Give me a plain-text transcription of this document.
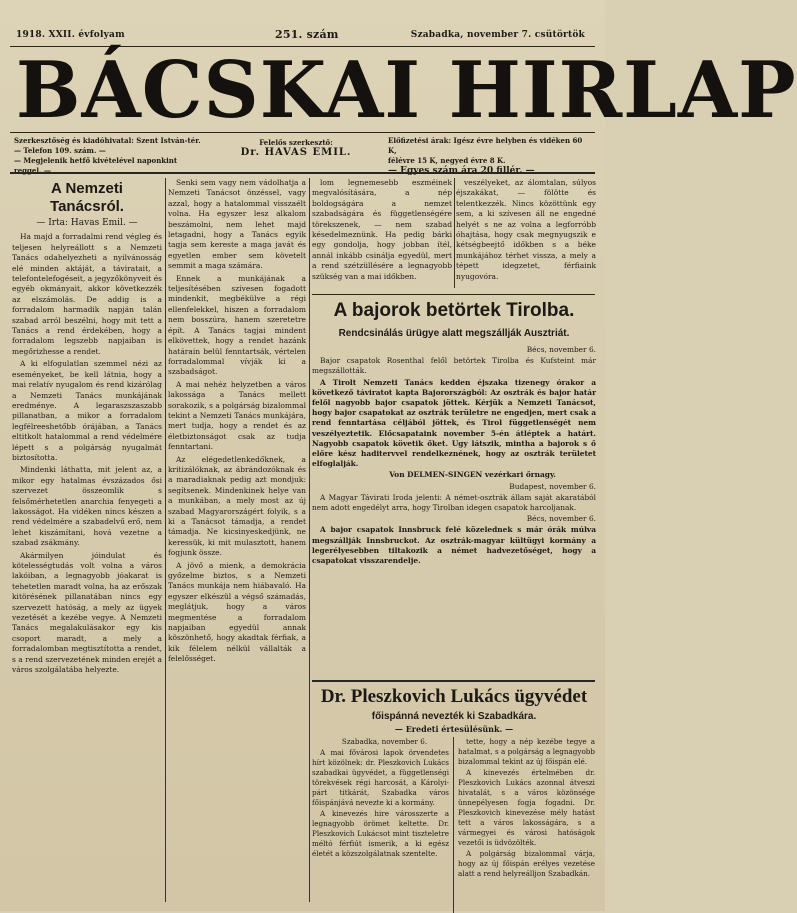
1918. XXII. évfolyam	251. szám	Szabadka, november 7. csütörtök
BÁCSKAI HIRLAP
Szerkesztőség és kiadóhivatal: Szent István-tér.
— Telefon 109. szám. —
— Megjelenik hetfő kivételével naponkint reggel. —
Felelős szerkesztő:
Dr. HAVAS EMIL.
Előfizetési árak: Igész évre helyben és vidéken 60 K,
félévre 15 K, negyed évre 8 K.
— Egyes szám ára 20 fillér. —
A Nemzeti Tanácsról.
— Irta: Havas Emil. —

Ha majd a forradalmi rend végleg és teljesen helyreállott s a Nemzeti Tanács odahelyezheti a nyilvánosság elé minden aktáját, a táviratait, a telefontelefogéseit, a jegyzőkönyveit és egyéb okmányait, akkor következzék az elszámolás. De addig is a forradalom harmadik napján talán szabad arról beszélni, hogy mit tett a Tanács a rend érdekében, hogy a forradalom legszebb napjaiban is megőrizhesse a rendet.

A ki elfogulatlan szemmel nézi az eseményeket, be kell látnia, hogy a mai relatív nyugalom és rend kizárólag a Nemzeti Tanács munkájának eredménye. A legaraszszaszabb pillanatban, a mikor a forradalom legfélreeshetőbb órájában, a Tanács eltitkolt hatalommal a rend védelmére lépett s a polgárság nyugalmát biztosította.

Mindenki láthatta, mit jelent az, a mikor egy hatalmas évszázados ősi szervezet összeomlik s felsőmérhetetlen anarchia fenyegeti a lakosságot. Ha vidéken nincs készen a rend védelmére a szabadelvű erő, nem lehet kiszámítani, hová vezetne a szabad zsákmány.

Akármilyen jóindulat és kötelességtudás volt volna a város lakóiban, a legnagyobb jóakarat is tehetetlen maradt volna, ha az erőszak kitörésének pillanatában nincs egy szervezett hatóság, a mely az ügyek vezetését a kezébe vegye. A Nemzeti Tanács megalakulásakor egy kis csoport maradt, a mely a forradalomban megtisztította a rendet, s a rend szervezetének minden erejét a város szolgálatába helyezte.

Senki sem vagy nem vádolhatja a Nemzeti Tanácsot önzéssel, vagy azzal, hogy a hatalommal visszaélt volna. Ha egyszer lesz alkalom beszámolni, nem lehet majd letagadni, hogy a Tanács egyik tagja sem kereste a maga javát és egyetlen ember sem követelt semmit a maga számára.

Ennek a munkájának a teljesítésében szívesen fogadott mindenkit, megbékülve a régi ellenfelekkel, hiszen a forradalom nem bosszúra, hanem szeretetre épít. A Tanács tagjai mindent elkövettek, hogy a rendet hazánk határain belül fenntartsák, vértelen forradalommal vívják ki a szabadságot.

A mai nehéz helyzetben a város lakossága a Tanács mellett sorakozik, s a polgárság bizalommal tekint a Nemzeti Tanács munkájára, mert tudja, hogy a rendet és az életbiztonságot csak az tudja fenntartani.

Az elégedetlenkedőknek, a kritizálóknak, az ábrándozóknak és a maradiaknak pedig azt mondjuk: segítsenek. Mindenkinek helye van a munkában, a mely most az új szabad Magyarországért folyik, s a ki a Tanácsot támadja, a rendet támadja. Ne kicsinyeskedjünk, ne keressük, ki mit mulasztott, hanem fogjunk össze.

A jövő a mienk, a demokrácia győzelme biztos, s a Nemzeti Tanács munkája nem hiábavaló. Ha egyszer elkészül a végső számadás, meglátjuk, hogy a város megmentése a forradalom napjaiban egyedül annak köszönhető, hogy akadtak férfiak, a kik félelem nélkül vállalták a felelősséget.

lom legnemesebb eszméinek megvalósítására, a nép boldogságára a nemzet szabadságára és függetlenségére törekszenek, — nem szabad késedelmeznünk. Ha pedig bárki egy gondolja, hogy jobban ítél, annál inkább csinálja egyedül, mert a rend szétzüllésére a legnagyobb szükség van a mai időkben.

veszélyeket, az álomtalan, súlyos éjszakákat, — fölötte és telentkezzék. Nincs közöttünk egy sem, a ki szívesen áll ne engedné helyét s ne az volna a legforróbb óhajtása, hogy csak megnyugszik e kétségbeejtő időkben s a béke munkájához térhet vissza, a mely a tépett idegzetet, férfiaink nyugovóra.

A bajorok betörtek Tirolba.
Rendcsinálás ürügye alatt megszállják Ausztriát.

Bécs, november 6.

Bajor csapatok Rosenthal felől betörtek Tirolba és Kufsteint már megszállották.

A Tirolt Nemzeti Tanács kedden éjszaka tizenegy órakor a következő táviratot kapta Bajorországból: Az osztrák és bajor határ felől nagyobb bajor csapatok jöttek. Kérjük a Nemzeti Tanácsot, hogy bajor csapatokat az osztrák területre ne engedjen, mert csak a rend fenntartása céljából jöttek, és Tirol függetlenségét nem veszélyeztetik. Előcsapataink november 5-én átléptek a határt. Nagyobb csapatok követik őket. Ugy látszik, mintha a bajorok s ő előre kész haditervvel rendelkeznének, hogy az osztrák területet elfoglalják.

Von DELMEN-SINGEN vezérkari őrnagy.

Budapest, november 6.

A Magyar Távirati Iroda jelenti: A német-osztrák állam saját akaratából nem adott engedélyt arra, hogy Tirolban idegen csapatok harcoljanak.

Bécs, november 6.

A bajor csapatok Innsbruck felé közelednek s már órák múlva megszállják Innsbruckot. Az osztrák-magyar kültügyi kormány a legerélyesebben tiltakozik a német hadvezetőséget, hogy a csapatokat visszarendelje.

Dr. Pleszkovich Lukács ügyvédet
főispánná nevezték ki Szabadkára.
— Eredeti értesülésünk. —

Szabadka, november 6.

A mai fővárosi lapok örvendetes hírt közölnek: dr. Pleszkovich Lukács szabadkai ügyvédet, a függetlenségi törekvések régi harcosát, a Károlyi-párt titkárát, Szabadka város főispánjává nevezte ki a kormány.

A kinevezés hire városszerte a legnagyobb örömet keltette. Dr. Pleszkovich Lukácsot mint tiszteletre méltó férfiút ismerik, a ki egész életét a közszolgálatnak szentelte.

tette, hogy a nép kezébe tegye a hatalmat, s a polgárság a legnagyobb bizalommal tekint az új főispán elé.

A kinevezés értelmében dr. Pleszkovich Lukács azonnal átveszi hivatalát, s a város közönsége ünnepélyesen fogja fogadni. Dr. Pleszkovich kinevezése mély hatást tett a város lakosságára, s a vármegyei és városi hatóságok vezetői is üdvözölték.

A polgárság bizalommal várja, hogy az új főispán erélyes vezetése alatt a rend helyreálljon Szabadkán.
